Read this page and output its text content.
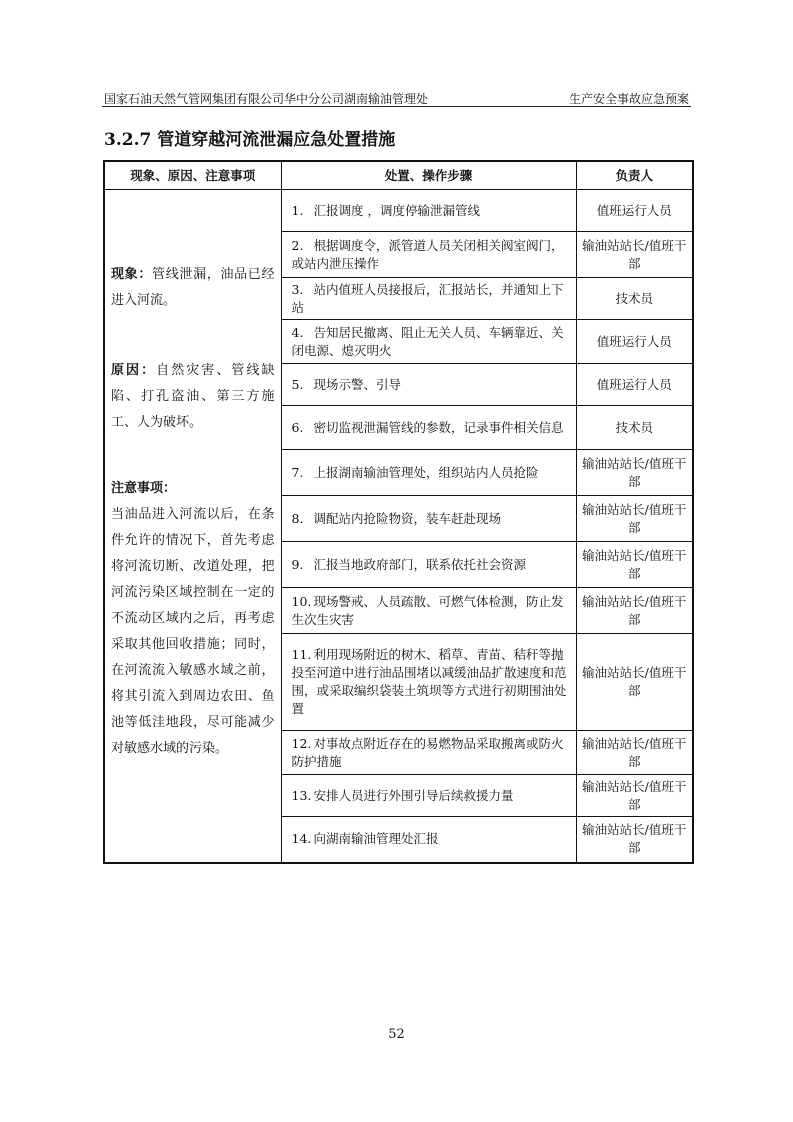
国家石油天然气管网集团有限公司华中分公司湖南输油管理处	生产安全事故应急预案
3.2.7 管道穿越河流泄漏应急处置措施
现象、原因、注意事项	处置、操作步骤	负责人

现象：管线泄漏，油品已经进入河流。
原因：自然灾害、管线缺陷、打孔盗油、第三方施工、人为破坏。
注意事项：
当油品进入河流以后，在条件允许的情况下，首先考虑将河流切断、改道处理，把河流污染区域控制在一定的不流动区域内之后，再考虑采取其他回收措施；同时，在河流流入敏感水域之前，将其引流入到周边农田、鱼池等低洼地段，尽可能减少对敏感水域的污染。	1. 汇报调度 ，调度停输泄漏管线	值班运行人员
	2. 根据调度令，派管道人员关闭相关阀室阀门，或站内泄压操作	输油站站长/值班干部
	3. 站内值班人员接报后，汇报站长，并通知上下站	技术员
	4. 告知居民撤离、阻止无关人员、车辆靠近、关闭电源、熄灭明火	值班运行人员
	5. 现场示警、引导	值班运行人员
	6. 密切监视泄漏管线的参数，记录事件相关信息	技术员
	7. 上报湖南输油管理处，组织站内人员抢险	输油站站长/值班干部
	8. 调配站内抢险物资，装车赶赴现场	输油站站长/值班干部
	9. 汇报当地政府部门，联系依托社会资源	输油站站长/值班干部
	10. 现场警戒、人员疏散、可燃气体检测，防止发生次生灾害	输油站站长/值班干部
	11. 利用现场附近的树木、稻草、青苗、秸秆等抛投至河道中进行油品围堵以减缓油品扩散速度和范围，或采取编织袋装土筑坝等方式进行初期围油处置	输油站站长/值班干部
	12. 对事故点附近存在的易燃物品采取搬离或防火防护措施	输油站站长/值班干部
	13. 安排人员进行外围引导后续救援力量	输油站站长/值班干部
	14. 向湖南输油管理处汇报	输油站站长/值班干部
52
